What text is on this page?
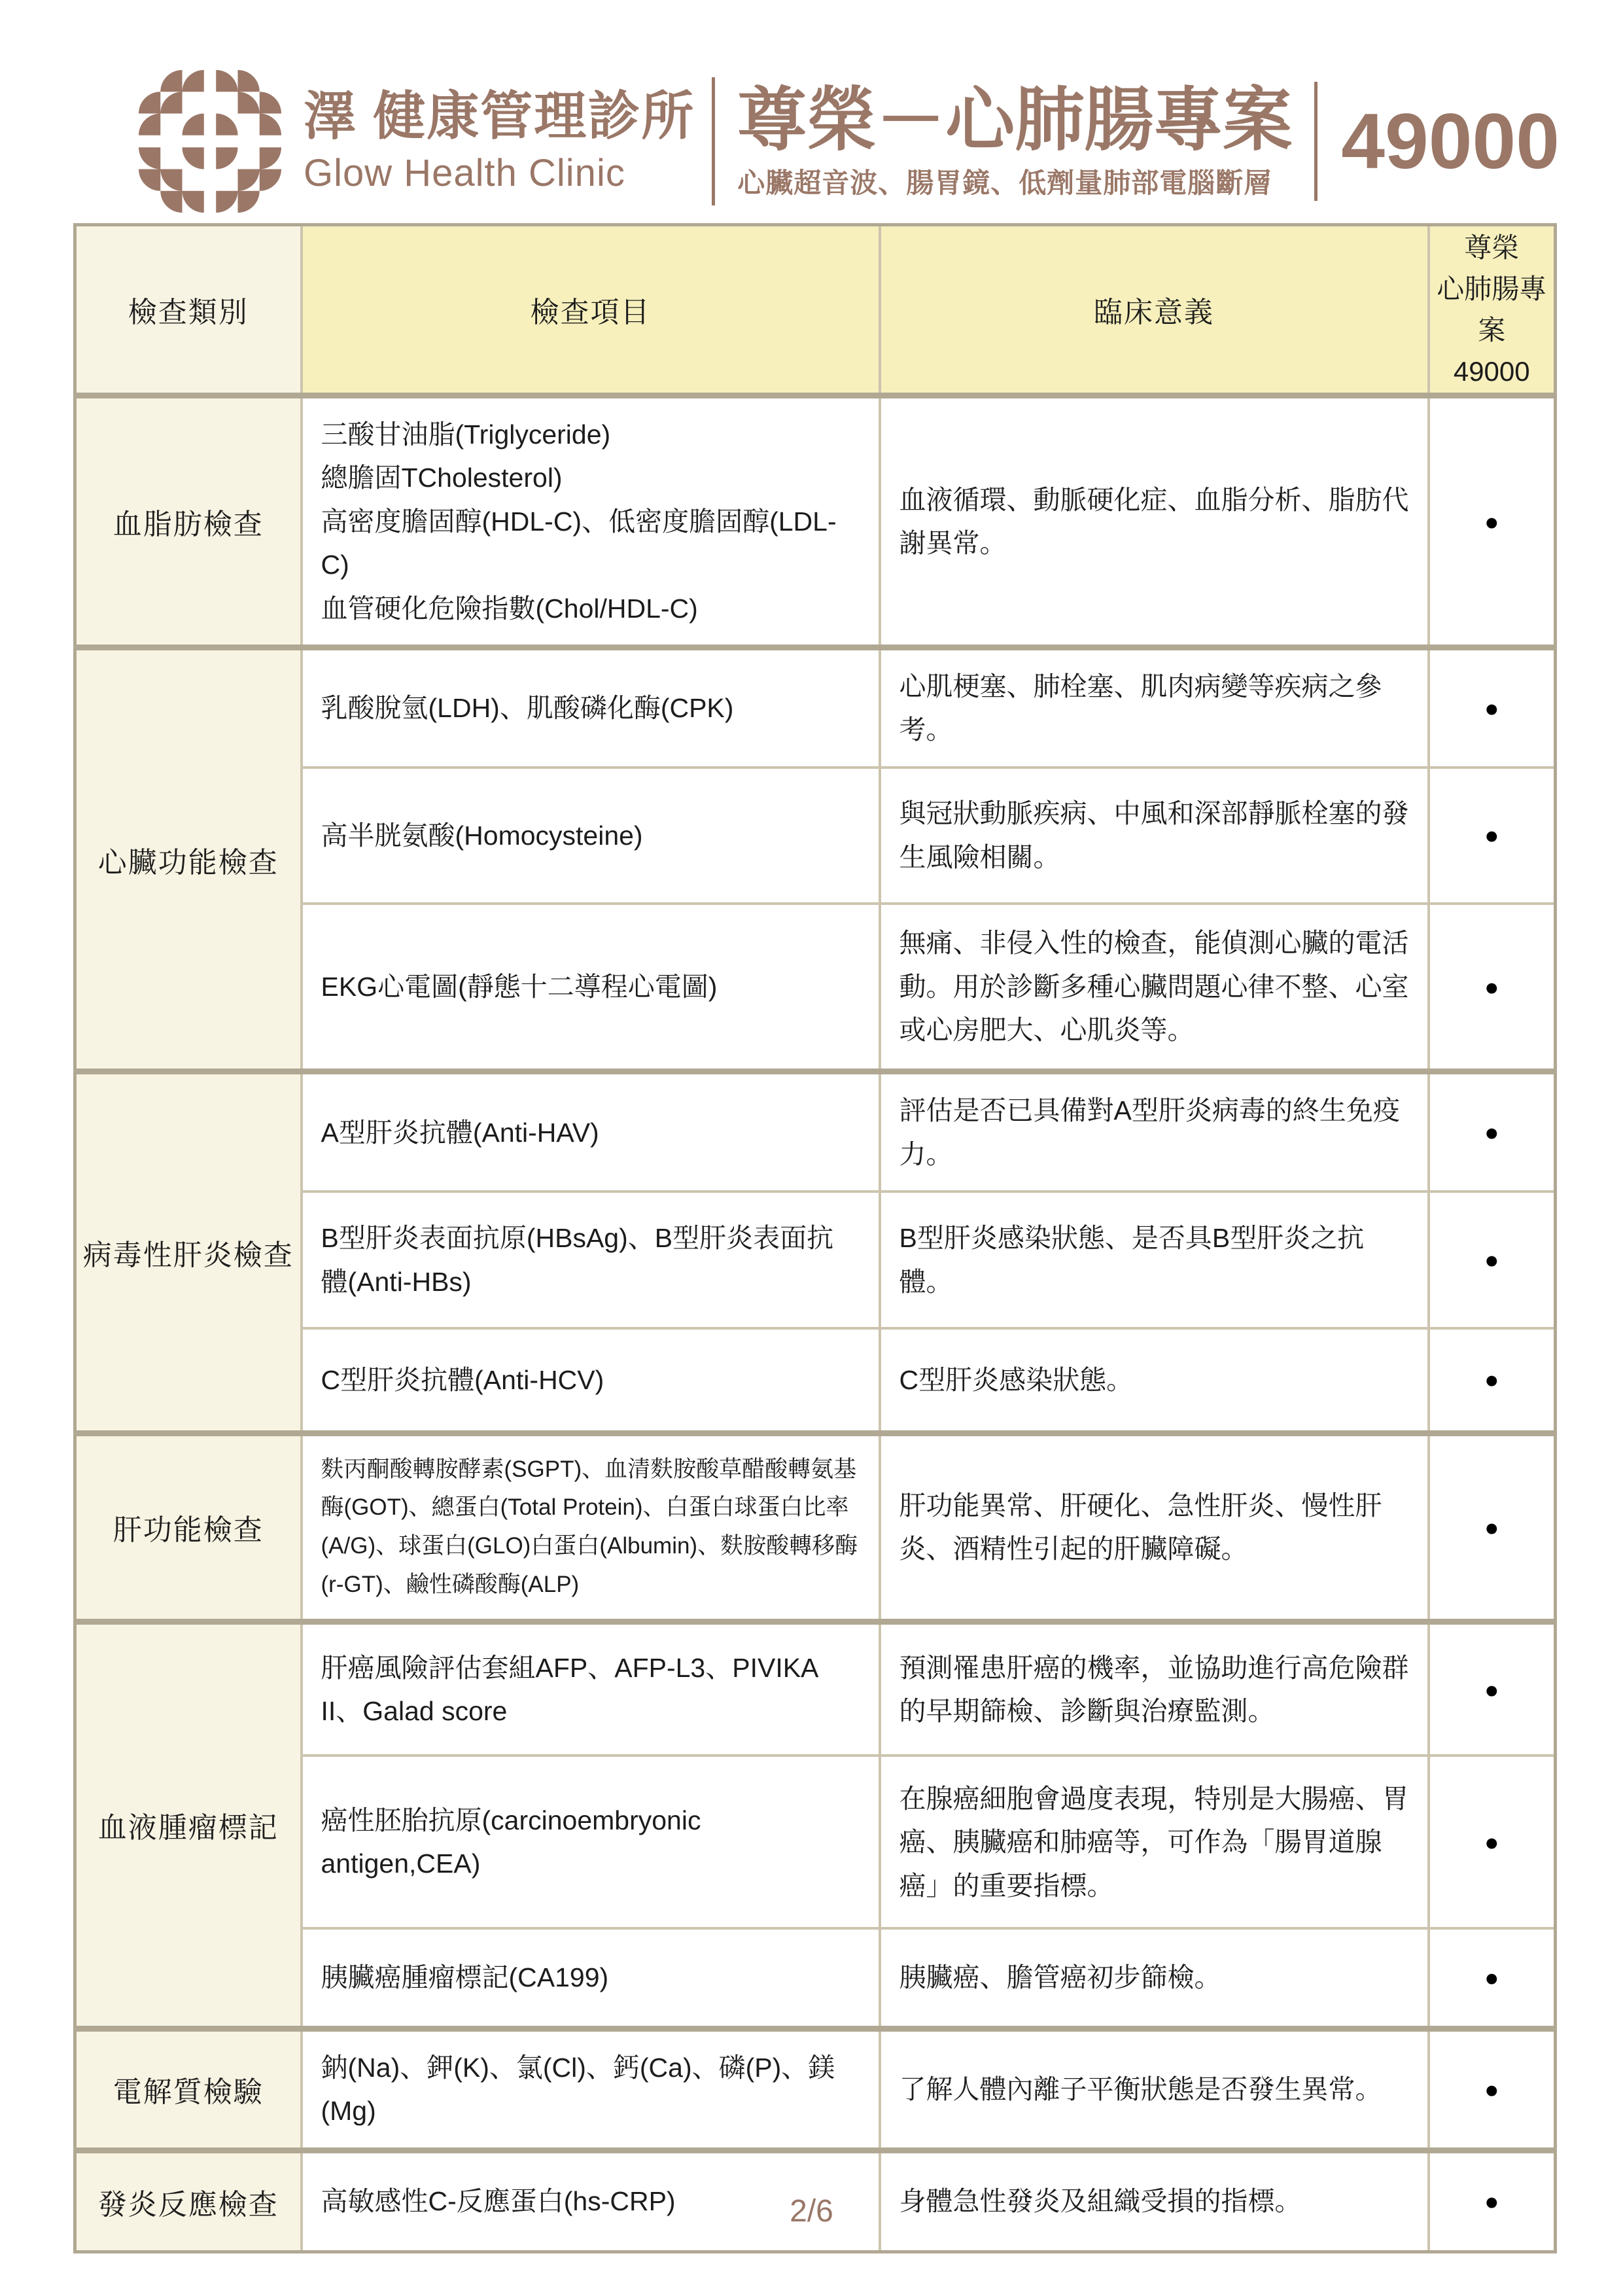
澤 健康管理診所
Glow Health Clinic
尊榮－心肺腸專案
心臟超音波、腸胃鏡、低劑量肺部電腦斷層 49000
檢查類別	檢查項目	臨床意義	尊榮
心肺腸專案
49000
血脂肪檢查	三酸甘油脂(Triglyceride)
總膽固TCholesterol)
高密度膽固醇(HDL-C)、低密度膽固醇(LDL-C)
血管硬化危險指數(Chol/HDL-C)	血液循環、動脈硬化症、血脂分析、脂肪代謝異常。	●
心臟功能檢查	乳酸脫氫(LDH)、肌酸磷化酶(CPK)	心肌梗塞、肺栓塞、肌肉病變等疾病之參考。	●
	高半胱氨酸(Homocysteine)	與冠狀動脈疾病、中風和深部靜脈栓塞的發生風險相關。	●
	EKG心電圖(靜態十二導程心電圖)	無痛、非侵入性的檢查，能偵測心臟的電活動。用於診斷多種心臟問題心律不整、心室或心房肥大、心肌炎等。	●
病毒性肝炎檢查	A型肝炎抗體(Anti-HAV)	評估是否已具備對A型肝炎病毒的終生免疫力。	●
	B型肝炎表面抗原(HBsAg)、B型肝炎表面抗體(Anti-HBs)	B型肝炎感染狀態、是否具B型肝炎之抗體。	●
	C型肝炎抗體(Anti-HCV)	C型肝炎感染狀態。	●
肝功能檢查	麩丙酮酸轉胺酵素(SGPT)、血清麩胺酸草醋酸轉氨基酶(GOT)、總蛋白(Total Protein)、白蛋白球蛋白比率(A/G)、球蛋白(GLO)白蛋白(Albumin)、麩胺酸轉移酶(r-GT)、鹼性磷酸酶(ALP)	肝功能異常、肝硬化、急性肝炎、慢性肝炎、酒精性引起的肝臟障礙。	●
血液腫瘤標記	肝癌風險評估套組AFP、AFP-L3、PIVIKA II、Galad score	預測罹患肝癌的機率，並協助進行高危險群的早期篩檢、診斷與治療監測。	●
	癌性胚胎抗原(carcinoembryonic antigen,CEA)	在腺癌細胞會過度表現，特別是大腸癌、胃癌、胰臟癌和肺癌等，可作為「腸胃道腺癌」的重要指標。	●
	胰臟癌腫瘤標記(CA199)	胰臟癌、膽管癌初步篩檢。	●
電解質檢驗	鈉(Na)、鉀(K)、氯(Cl)、鈣(Ca)、磷(P)、鎂(Mg)	了解人體內離子平衡狀態是否發生異常。	●
發炎反應檢查	高敏感性C-反應蛋白(hs-CRP)	身體急性發炎及組織受損的指標。	●
2/6
